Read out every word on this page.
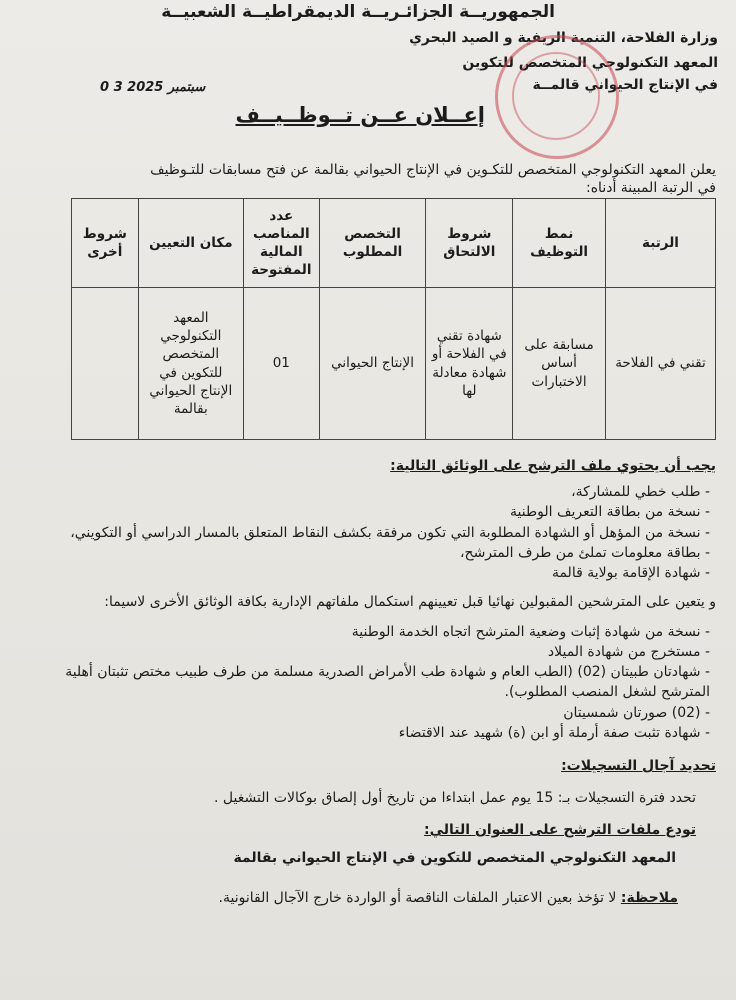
الجمهوريــة الجزائـريــة الديمقراطيــة الشعبيــة
وزارة الفلاحة، التنمية الريفية و الصيد البحري
المعهد التكنولوجي المتخصص للتكوين
في الإنتاج الحيواني قالمــة
0 3 سبتمبر 2025
إعــلان عــن تــوظــيــف
يعلن المعهد التكنولوجي المتخصص للتكـوين في الإنتاج الحيواني بقالمة عن فتح مسابقات للتـوظيف
في الرتبة المبينة أدناه:
الرتبة	نمط التوظيف	شروط الالتحاق	التخصص المطلوب	عدد المناصب المالية المفتوحة	مكان التعيين	شروط أخرى
تقني في الفلاحة	مسابقة على أساس الاختبارات	شهادة تقني في الفلاحة أو شهادة معادلة لها	الإنتاج الحيواني	01	المعهد التكنولوجي المتخصص للتكوين في الإنتاج الحيواني بقالمة	
يجب أن يحتوي ملف الترشح على الوثائق التالية:
- طلب خطي للمشاركة،
- نسخة من بطاقة التعريف الوطنية
- نسخة من المؤهل أو الشهادة المطلوبة التي تكون مرفقة بكشف النقاط المتعلق بالمسار الدراسي أو التكويني،
- بطاقة معلومات تملئ من طرف المترشح،
- شهادة الإقامة بولاية قالمة
و يتعين على المترشحين المقبولين نهائيا قبل تعيينهم استكمال ملفاتهم الإدارية بكافة الوثائق الأخرى لاسيما:
- نسخة من شهادة إثبات وضعية المترشح اتجاه الخدمة الوطنية
- مستخرج من شهادة الميلاد
- شهادتان طبيتان (02) (الطب العام و شهادة طب الأمراض الصدرية مسلمة من طرف طبيب مختص تثبتان أهلية
المترشح لشغل المنصب المطلوب).
- (02) صورتان شمسيتان
- شهادة تثبت صفة أرملة أو ابن (ة) شهيد عند الاقتضاء
تحديد آجال التسجيلات:
تحدد فترة التسجيلات بـ: 15 يوم عمل ابتداءا من تاريخ أول إلصاق بوكالات التشغيل .
تودع ملفات الترشح على العنوان التالي:
المعهد التكنولوجي المتخصص للتكوين في الإنتاج الحيواني بقالمة
ملاحظة: لا تؤخذ بعين الاعتبار الملفات الناقصة أو الواردة خارج الآجال القانونية.
